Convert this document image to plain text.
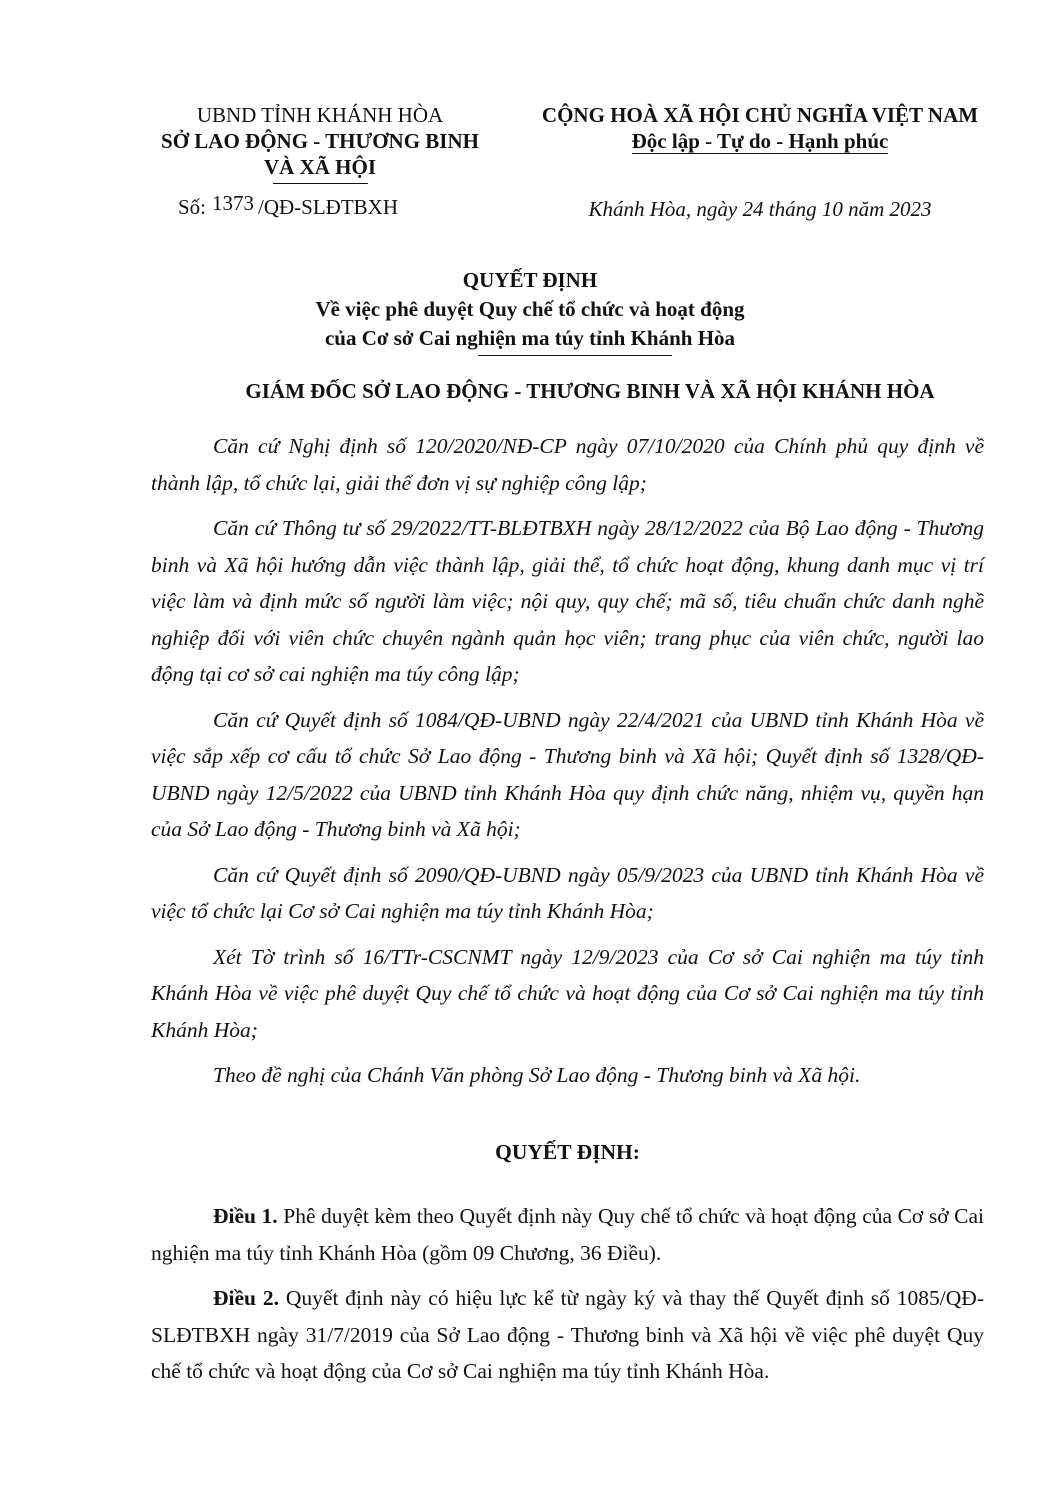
UBND TỈNH KHÁNH HÒA
SỞ LAO ĐỘNG - THƯƠNG BINH
VÀ XÃ HỘI
CỘNG HOÀ XÃ HỘI CHỦ NGHĨA VIỆT NAM
Độc lập - Tự do - Hạnh phúc
Số: 1373 /QĐ-SLĐTBXH	Khánh Hòa, ngày 24 tháng 10 năm 2023
QUYẾT ĐỊNH
Về việc phê duyệt Quy chế tổ chức và hoạt động
của Cơ sở Cai nghiện ma túy tỉnh Khánh Hòa
GIÁM ĐỐC SỞ LAO ĐỘNG - THƯƠNG BINH VÀ XÃ HỘI KHÁNH HÒA

Căn cứ Nghị định số 120/2020/NĐ-CP ngày 07/10/2020 của Chính phủ quy định về thành lập, tổ chức lại, giải thể đơn vị sự nghiệp công lập;

Căn cứ Thông tư số 29/2022/TT-BLĐTBXH ngày 28/12/2022 của Bộ Lao động - Thương binh và Xã hội hướng dẫn việc thành lập, giải thể, tổ chức hoạt động, khung danh mục vị trí việc làm và định mức số người làm việc; nội quy, quy chế; mã số, tiêu chuẩn chức danh nghề nghiệp đối với viên chức chuyên ngành quản học viên; trang phục của viên chức, người lao động tại cơ sở cai nghiện ma túy công lập;

Căn cứ Quyết định số 1084/QĐ-UBND ngày 22/4/2021 của UBND tỉnh Khánh Hòa về việc sắp xếp cơ cấu tổ chức Sở Lao động - Thương binh và Xã hội; Quyết định số 1328/QĐ-UBND ngày 12/5/2022 của UBND tỉnh Khánh Hòa quy định chức năng, nhiệm vụ, quyền hạn của Sở Lao động - Thương binh và Xã hội;

Căn cứ Quyết định số 2090/QĐ-UBND ngày 05/9/2023 của UBND tỉnh Khánh Hòa về việc tổ chức lại Cơ sở Cai nghiện ma túy tỉnh Khánh Hòa;

Xét Tờ trình số 16/TTr-CSCNMT ngày 12/9/2023 của Cơ sở Cai nghiện ma túy tỉnh Khánh Hòa về việc phê duyệt Quy chế tổ chức và hoạt động của Cơ sở Cai nghiện ma túy tỉnh Khánh Hòa;

Theo đề nghị của Chánh Văn phòng Sở Lao động - Thương binh và Xã hội.

QUYẾT ĐỊNH:

Điều 1. Phê duyệt kèm theo Quyết định này Quy chế tổ chức và hoạt động của Cơ sở Cai nghiện ma túy tỉnh Khánh Hòa (gồm 09 Chương, 36 Điều).

Điều 2. Quyết định này có hiệu lực kể từ ngày ký và thay thế Quyết định số 1085/QĐ-SLĐTBXH ngày 31/7/2019 của Sở Lao động - Thương binh và Xã hội về việc phê duyệt Quy chế tổ chức và hoạt động của Cơ sở Cai nghiện ma túy tỉnh Khánh Hòa.
